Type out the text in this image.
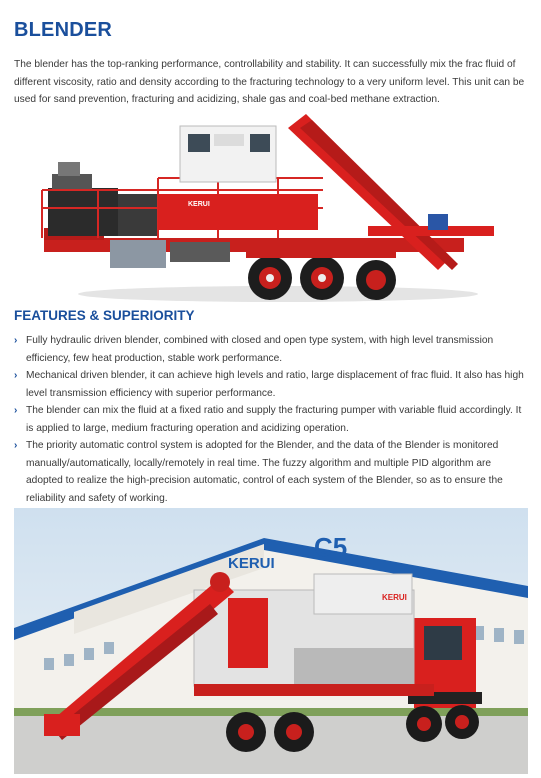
BLENDER

The blender has the top-ranking performance, controllability and stability. It can successfully mix the frac fluid of different viscosity, ratio and density according to the fracturing technology to a very uniform level. This unit can be used for sand prevention, fracturing and acidizing, shale gas and coal-bed methane extraction.

KERUI
FEATURES & SUPERIORITY
› Fully hydraulic driven blender, combined with closed and open type system, with high level transmission efficiency, few heat production, stable work performance.
› Mechanical driven blender, it can achieve high levels and ratio, large displacement of frac fluid. It also has high level transmission efficiency with superior performance.
› The blender can mix the fluid at a fixed ratio and supply the fracturing pumper with variable fluid accordingly. It is applied to large, medium fracturing operation and acidizing operation.
› The priority automatic control system is adopted for the Blender, and the data of the Blender is monitored manually/automatically, locally/remotely in real time. The fuzzy algorithm and multiple PID algorithm are adopted to realize the high-precision automatic, control of each system of the Blender, so as to ensure the reliability and safety of working.
KERUI
C5
KERUI
